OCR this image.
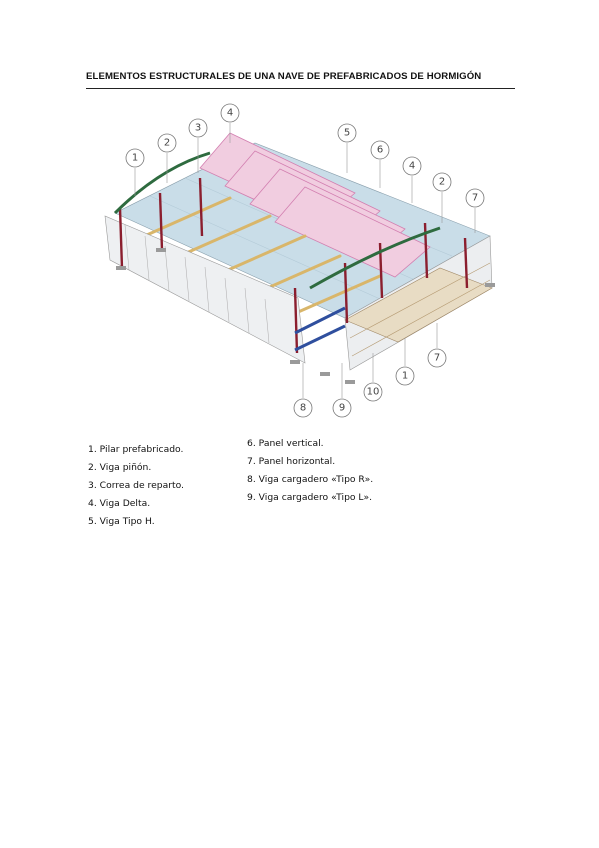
ELEMENTOS ESTRUCTURALES DE UNA NAVE DE PREFABRICADOS DE HORMIGÓN
1
2
3
4
5
6
4
2
7
7
1
10
9
8
1. Pilar prefabricado.
2. Viga piñón.
3. Correa de reparto.
4. Viga Delta.
5. Viga Tipo H.
6. Panel vertical.
7. Panel horizontal.
8. Viga cargadero «Tipo R».
9. Viga cargadero «Tipo L».
